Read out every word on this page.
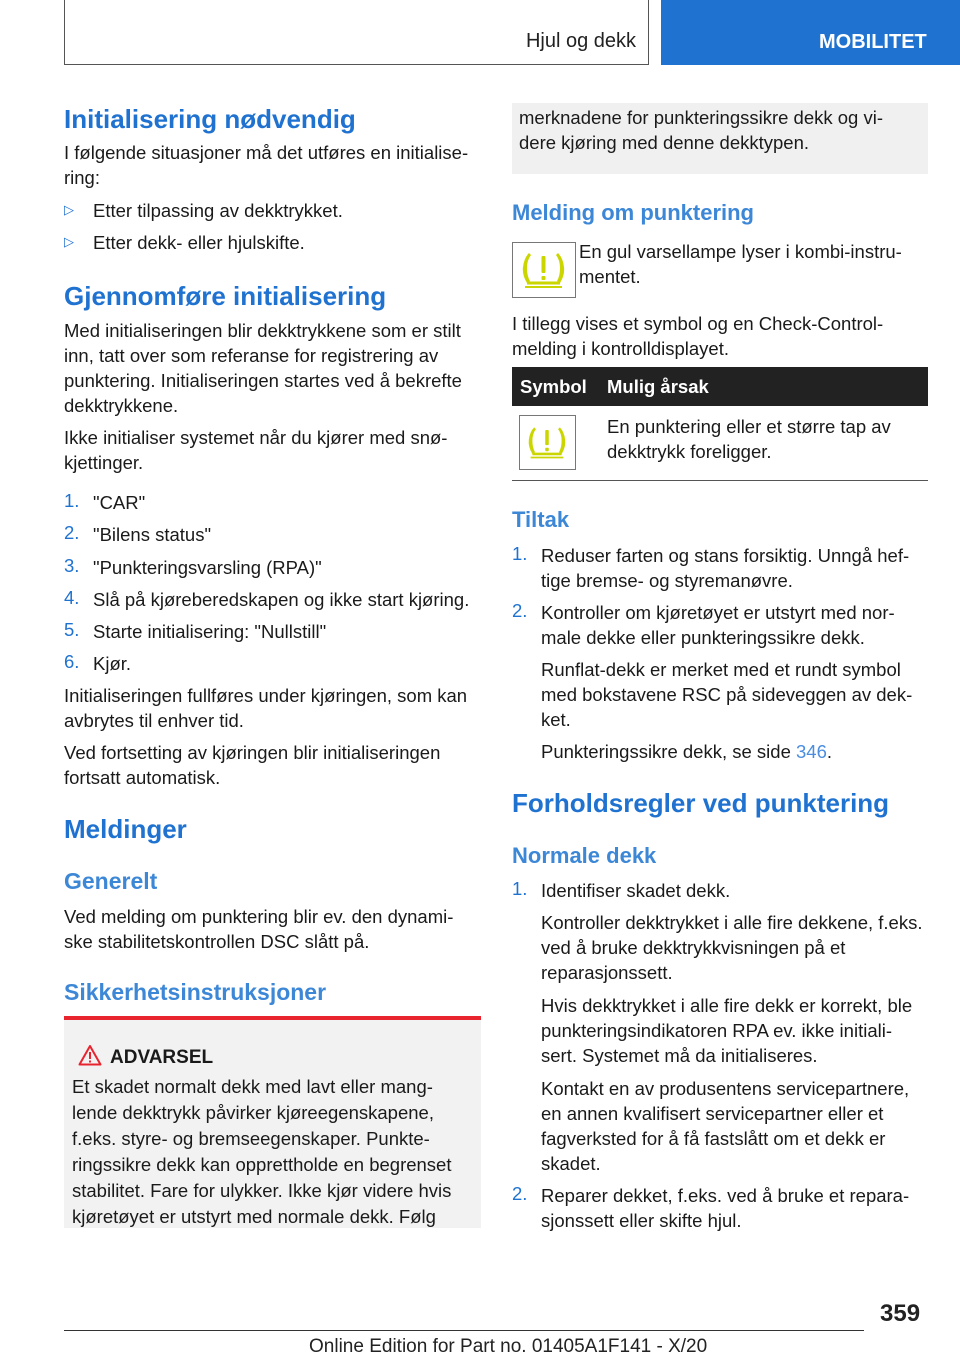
Hjul og dekk	MOBILITET
Initialisering nødvendig
I følgende situasjoner må det utføres en initialise-ring:
▷ Etter tilpassing av dekktrykket.
▷ Etter dekk- eller hjulskifte.
Gjennomføre initialisering
Med initialiseringen blir dekktrykkene som er stilt inn, tatt over som referanse for registrering av punktering. Initialiseringen startes ved å bekrefte dekktrykkene.
Ikke initialiser systemet når du kjører med snø-kjettinger.
1. "CAR"
2. "Bilens status"
3. "Punkteringsvarsling (RPA)"
4. Slå på kjøreberedskapen og ikke start kjøring.
5. Starte initialisering: "Nullstill"
6. Kjør.
Initialiseringen fullføres under kjøringen, som kan avbrytes til enhver tid.
Ved fortsetting av kjøringen blir initialiseringen fortsatt automatisk.
Meldinger
Generelt
Ved melding om punktering blir ev. den dynami-ske stabilitetskontrollen DSC slått på.
Sikkerhetsinstruksjoner
ADVARSEL
Et skadet normalt dekk med lavt eller mang-lende dekktrykk påvirker kjøreegenskapene, f.eks. styre- og bremseegenskaper. Punkte-ringssikre dekk kan opprettholde en begrenset stabilitet. Fare for ulykker. Ikke kjør videre hvis kjøretøyet er utstyrt med normale dekk. Følg
merknadene for punkteringssikre dekk og vi-dere kjøring med denne dekktypen.
Melding om punktering
En gul varsellampe lyser i kombi-instru-mentet.
I tillegg vises et symbol og en Check-Control-melding i kontrolldisplayet.
Symbol Mulig årsak
En punktering eller et større tap av dekktrykk foreligger.
Tiltak
1. Reduser farten og stans forsiktig. Unngå hef-tige bremse- og styremanøvre.
2. Kontroller om kjøretøyet er utstyrt med nor-male dekke eller punkteringssikre dekk.
Runflat-dekk er merket med et rundt symbol med bokstavene RSC på sideveggen av dek-ket.
Punkteringssikre dekk, se side 346.
Forholdsregler ved punktering
Normale dekk
1. Identifiser skadet dekk.
Kontroller dekktrykket i alle fire dekkene, f.eks. ved å bruke dekktrykkvisningen på et reparasjonssett.
Hvis dekktrykket i alle fire dekk er korrekt, ble punkteringsindikatoren RPA ev. ikke initiali-sert. Systemet må da initialiseres.
Kontakt en av produsentens servicepartnere, en annen kvalifisert servicepartner eller et fagverksted for å få fastslått om et dekk er skadet.
2. Reparer dekket, f.eks. ved å bruke et repara-sjonssett eller skifte hjul.
359
Online Edition for Part no. 01405A1F141 - X/20
